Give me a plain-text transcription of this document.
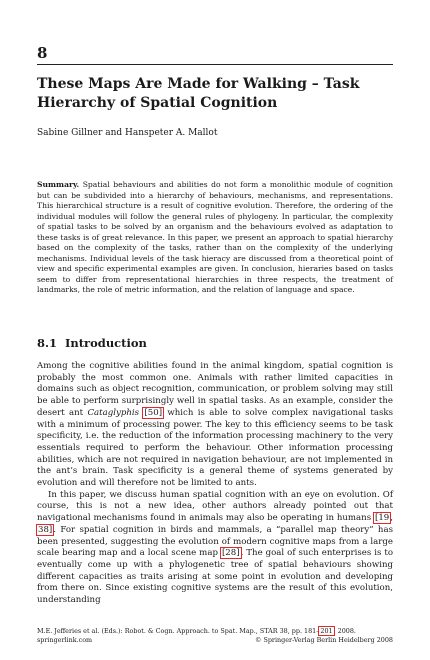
8
These Maps Are Made for Walking – Task
Hierarchy of Spatial Cognition
Sabine Gillner and Hanspeter A. Mallot

Summary. Spatial behaviours and abilities do not form a monolithic module of cognition but can be subdivided into a hierarchy of behaviours, mechanisms, and representations. This hierarchical structure is a result of cognitive evolution. Therefore, the ordering of the individual modules will follow the general rules of phylogeny. In particular, the complexity of spatial tasks to be solved by an organism and the behaviours evolved as adaptation to these tasks is of great relevance. In this paper, we present an approach to spatial hierarchy based on the complexity of the tasks, rather than on the complexity of the underlying mechanisms. Individual levels of the task hieracy are discussed from a theoretical point of view and specific experimental examples are given. In conclusion, hieraries based on tasks seem to differ from representational hierarchies in three respects, the treatment of landmarks, the role of metric information, and the relation of language and space.

8.1 Introduction

Among the cognitive abilities found in the animal kingdom, spatial cognition is probably the most common one. Animals with rather limited capacities in domains such as object recognition, communication, or problem solving may still be able to perform surprisingly well in spatial tasks. As an example, consider the desert ant Cataglyphis [50] which is able to solve complex navigational tasks with a minimum of processing power. The key to this efficiency seems to be task specificity, i.e. the reduction of the information processing machinery to the very essentials required to perform the behaviour. Other information processing abilities, which are not required in navigation behaviour, are not implemented in the ant’s brain. Task specificity is a general theme of systems generated by evolution and will therefore not be limited to ants.

In this paper, we discuss human spatial cognition with an eye on evolution. Of course, this is not a new idea, other authors already pointed out that navigational mechanisms found in animals may also be operating in humans [19, 38]. For spatial cognition in birds and mammals, a “parallel map theory” has been presented, suggesting the evolution of modern cognitive maps from a large scale bearing map and a local scene map [28]. The goal of such enterprises is to eventually come up with a phylogenetic tree of spatial behaviours showing different capacities as traits arising at some point in evolution and developing from there on. Since existing cognitive systems are the result of this evolution, understanding

M.E. Jefferies et al. (Eds.): Robot. & Cogn. Approach. to Spat. Map., STAR 38, pp. 181–201, 2008.
springerlink.com	© Springer-Verlag Berlin Heidelberg 2008
